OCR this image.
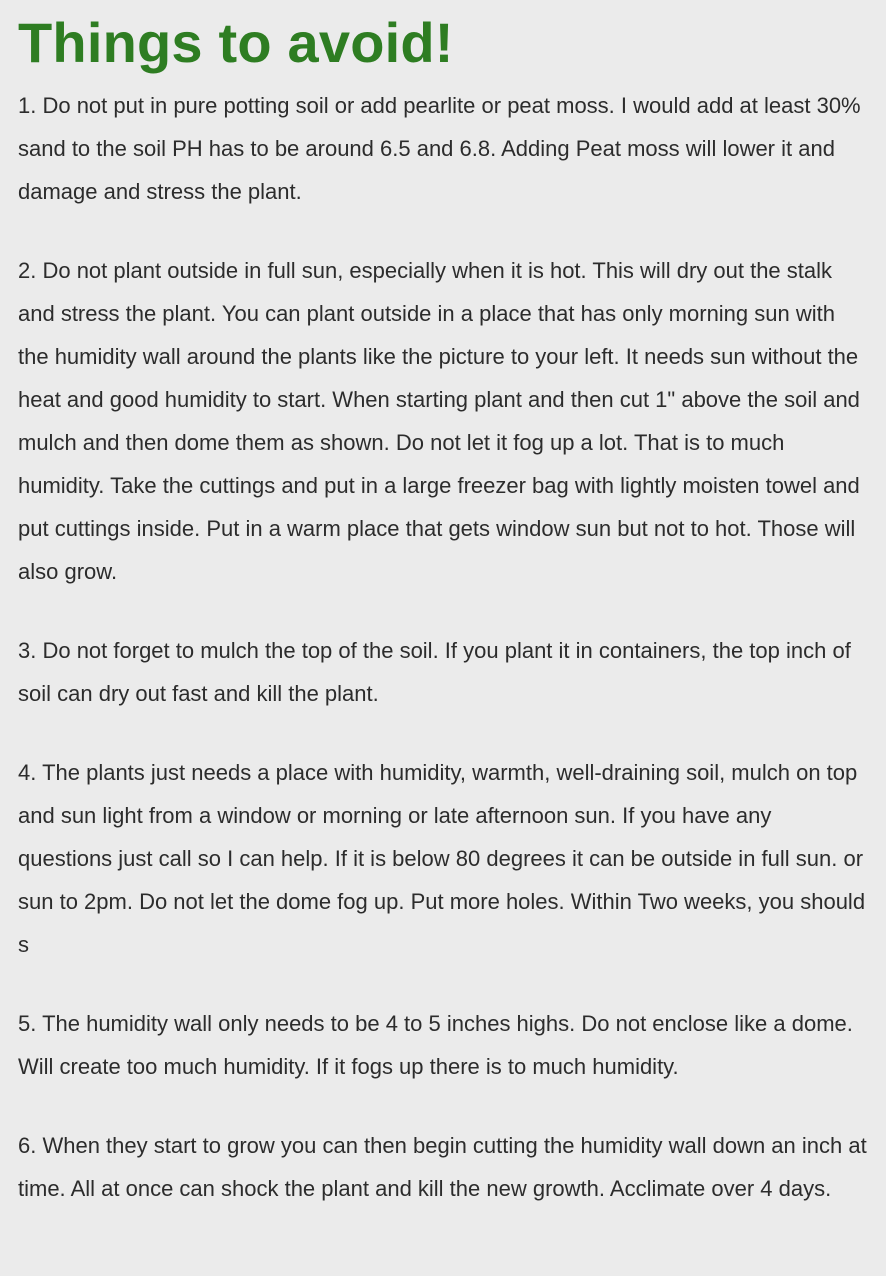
Things to avoid!

1. Do not put in pure potting soil or add pearlite or peat moss. I would add at least 30% sand to the soil PH has to be around 6.5 and 6.8. Adding Peat moss will lower it and damage and stress the plant.

2. Do not plant outside in full sun, especially when it is hot. This will dry out the stalk and stress the plant. You can plant outside in a place that has only morning sun with the humidity wall around the plants like the picture to your left. It needs sun without the heat and good humidity to start. When starting plant and then cut 1" above the soil and mulch and then dome them as shown. Do not let it fog up a lot. That is to much humidity. Take the cuttings and put in a large freezer bag with lightly moisten towel and put cuttings inside. Put in a warm place that gets window sun but not to hot. Those will also grow.

3. Do not forget to mulch the top of the soil. If you plant it in containers, the top inch of soil can dry out fast and kill the plant.

4. The plants just needs a place with humidity, warmth, well-draining soil, mulch on top and sun light from a window or morning or late afternoon sun. If you have any questions just call so I can help. If it is below 80 degrees it can be outside in full sun. or sun to 2pm. Do not let the dome fog up. Put more holes. Within Two weeks, you should s

5. The humidity wall only needs to be 4 to 5 inches highs. Do not enclose like a dome. Will create too much humidity. If it fogs up there is to much humidity.

6. When they start to grow you can then begin cutting the humidity wall down an inch at time. All at once can shock the plant and kill the new growth. Acclimate over 4 days.
